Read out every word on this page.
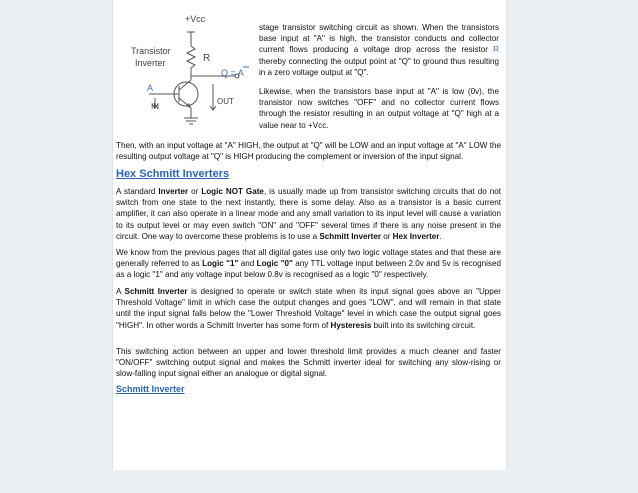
+Vcc
Transistor
Inverter	R
Q = A
A
IN
OUT

stage transistor switching circuit as shown. When the transistors base input at "A" is high, the transistor conducts and collector current flows producing a voltage drop across the resistor R thereby connecting the output point at "Q" to ground thus resulting in a zero voltage output at "Q".

Likewise, when the transistors base input at "A" is low (0v), the transistor now switches "OFF" and no collector current flows through the resistor resulting in an output voltage at "Q" high at a value near to +Vcc.

Then, with an input voltage at "A" HIGH, the output at "Q" will be LOW and an input voltage at "A" LOW the resulting output voltage at "Q" is HIGH producing the complement or inversion of the input signal.

Hex Schmitt Inverters

A standard Inverter or Logic NOT Gate, is usually made up from transistor switching circuits that do not switch from one state to the next instantly, there is some delay. Also as a transistor is a basic current amplifier, it can also operate in a linear mode and any small variation to its input level will cause a variation to its output level or may even switch "ON" and "OFF" several times if there is any noise present in the circuit. One way to overcome these problems is to use a Schmitt Inverter or Hex Inverter.

We know from the previous pages that all digital gates use only two logic voltage states and that these are generally referred to as Logic "1" and Logic "0" any TTL voltage input between 2.0v and 5v is recognised as a logic "1" and any voltage input below 0.8v is recognised as a logic "0" respectively.

A Schmitt Inverter is designed to operate or switch state when its input signal goes above an "Upper Threshold Voltage" limit in which case the output changes and goes "LOW", and will remain in that state until the input signal falls below the "Lower Threshold Voltage" level in which case the output signal goes "HIGH". In other words a Schmitt Inverter has some form of Hysteresis built into its switching circuit.

This switching action between an upper and lower threshold limit provides a much cleaner and faster "ON/OFF" switching output signal and makes the Schmitt inverter ideal for switching any slow-rising or slow-falling input signal either an analogue or digital signal.

Schmitt Inverter
